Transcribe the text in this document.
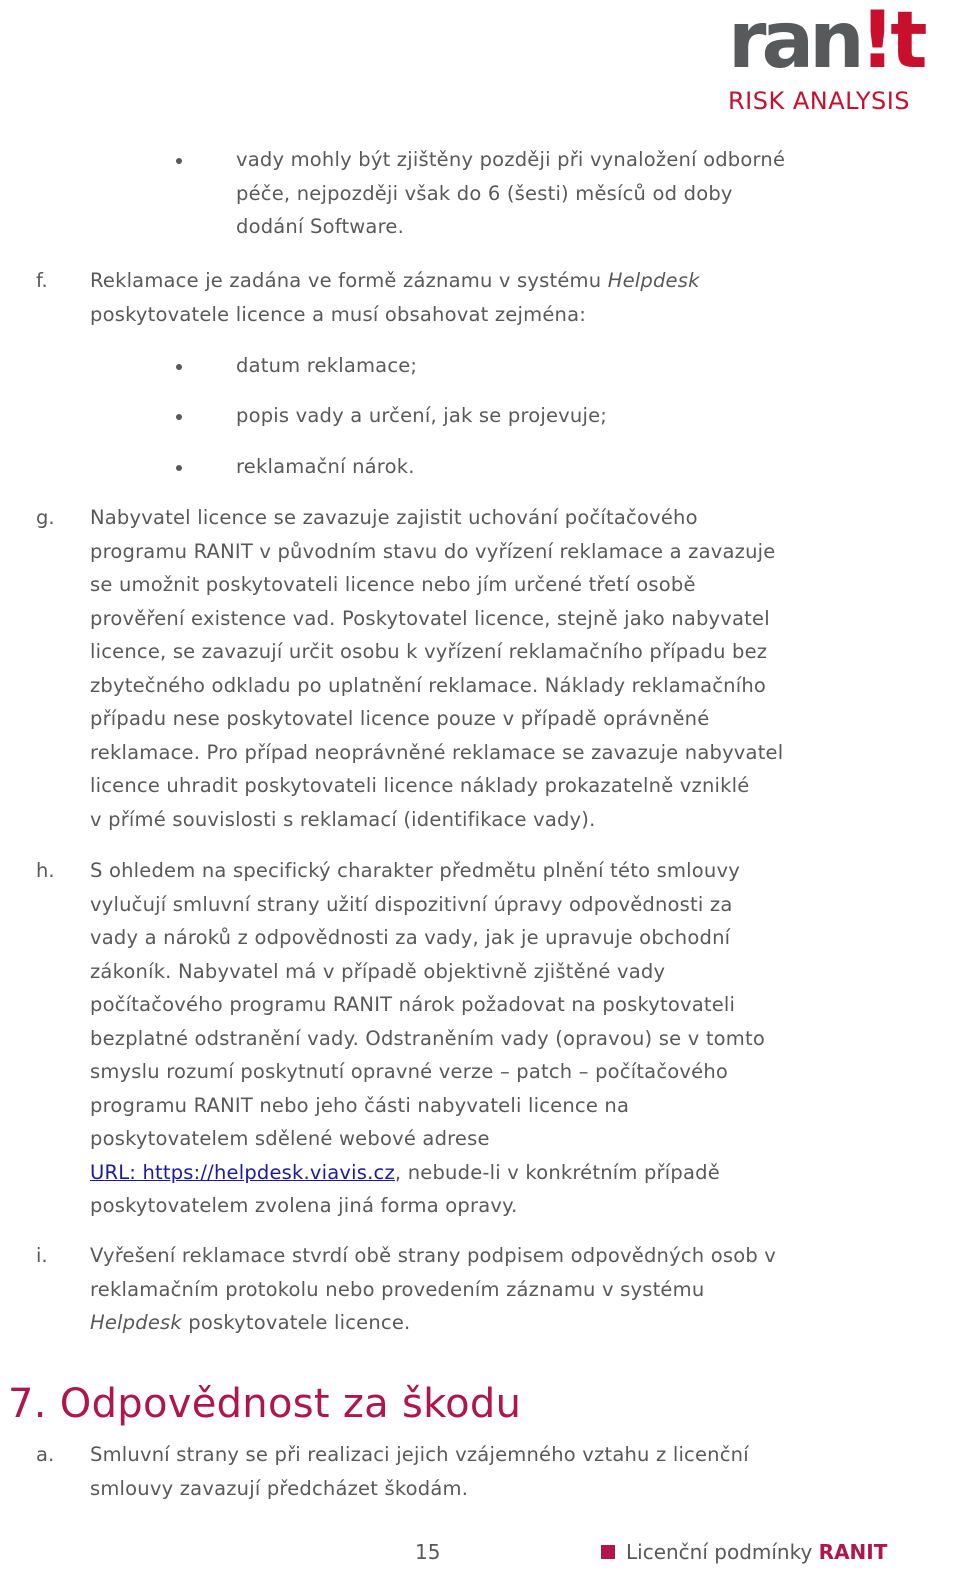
ran!t
RISK ANALYSIS
vady mohly být zjištěny později při vynaložení odborné
péče, nejpozději však do 6 (šesti) měsíců od doby
dodání Software.
f. Reklamace je zadána ve formě záznamu v systému Helpdesk
poskytovatele licence a musí obsahovat zejména:
datum reklamace;
popis vady a určení, jak se projevuje;
reklamační nárok.
g. Nabyvatel licence se zavazuje zajistit uchování počítačového
programu RANIT v původním stavu do vyřízení reklamace a zavazuje
se umožnit poskytovateli licence nebo jím určené třetí osobě
prověření existence vad. Poskytovatel licence, stejně jako nabyvatel
licence, se zavazují určit osobu k vyřízení reklamačního případu bez
zbytečného odkladu po uplatnění reklamace. Náklady reklamačního
případu nese poskytovatel licence pouze v případě oprávněné
reklamace. Pro případ neoprávněné reklamace se zavazuje nabyvatel
licence uhradit poskytovateli licence náklady prokazatelně vzniklé
v přímé souvislosti s reklamací (identifikace vady).
h. S ohledem na specifický charakter předmětu plnění této smlouvy
vylučují smluvní strany užití dispozitivní úpravy odpovědnosti za
vady a nároků z odpovědnosti za vady, jak je upravuje obchodní
zákoník. Nabyvatel má v případě objektivně zjištěné vady
počítačového programu RANIT nárok požadovat na poskytovateli
bezplatné odstranění vady. Odstraněním vady (opravou) se v tomto
smyslu rozumí poskytnutí opravné verze – patch – počítačového
programu RANIT nebo jeho části nabyvateli licence na
poskytovatelem sdělené webové adrese
URL: https://helpdesk.viavis.cz, nebude-li v konkrétním případě
poskytovatelem zvolena jiná forma opravy.
i. Vyřešení reklamace stvrdí obě strany podpisem odpovědných osob v
reklamačním protokolu nebo provedením záznamu v systému
Helpdesk poskytovatele licence.
7. Odpovědnost za škodu
a. Smluvní strany se při realizaci jejich vzájemného vztahu z licenční
smlouvy zavazují předcházet škodám.
15	Licenční podmínky RANIT
